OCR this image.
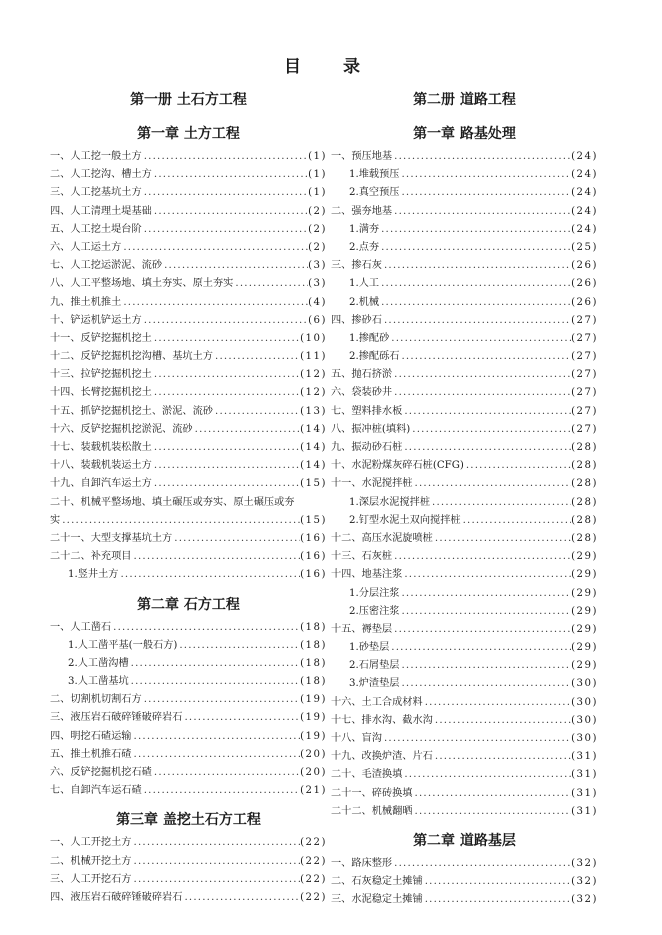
目 录
第一册 土石方工程
第一章 土方工程
一、人工挖一般土方 .....	(1)
二、人工挖沟、槽土方 .....	(1)
三、人工挖基坑土方 .....	(1)
四、人工清理土堤基础 .....	(2)
五、人工挖土堤台阶 .....	(2)
六、人工运土方 .....	(2)
七、人工挖运淤泥、流砂 .....	(3)
八、人工平整场地、填土夯实、原土夯实 .....	(3)
九、推土机推土 .....	(4)
十、铲运机铲运土方 .....	(6)
十一、反铲挖掘机挖土 .....	(10)
十二、反铲挖掘机挖沟槽、基坑土方 .....	(11)
十三、拉铲挖掘机挖土 .....	(12)
十四、长臂挖掘机挖土 .....	(12)
十五、抓铲挖掘机挖土、淤泥、流砂 .....	(13)
十六、反铲挖掘机挖淤泥、流砂 .....	(14)
十七、装载机装松散土 .....	(14)
十八、装载机装运土方 .....	(14)
十九、自卸汽车运土方 .....	(15)
二十、机械平整场地、填土碾压或夯实、原土碾压或夯
实 .....	(15)
二十一、大型支撑基坑土方 .....	(16)
二十二、补充项目 .....	(16)
1.竖井土方 .....	(16)
第二章 石方工程
一、人工凿石 .....	(18)
1.人工凿平基(一般石方) .....	(18)
2.人工凿沟槽 .....	(18)
3.人工凿基坑 .....	(18)
二、切割机切割石方 .....	(19)
三、液压岩石破碎锤破碎岩石 .....	(19)
四、明挖石碴运输 .....	(19)
五、推土机推石碴 .....	(20)
六、反铲挖掘机挖石碴 .....	(20)
七、自卸汽车运石碴 .....	(21)
第三章 盖挖土石方工程
一、人工开挖土方 .....	(22)
二、机械开挖土方 .....	(22)
三、人工开挖石方 .....	(22)
四、液压岩石破碎锤破碎岩石 .....	(22)
第二册 道路工程
第一章 路基处理
一、预压地基 .....	(24)
1.堆载预压 .....	(24)
2.真空预压 .....	(24)
二、强夯地基 .....	(24)
1.满夯 .....	(24)
2.点夯 .....	(25)
三、掺石灰 .....	(26)
1.人工 .....	(26)
2.机械 .....	(26)
四、掺砂石 .....	(27)
1.掺配砂 .....	(27)
2.掺配砾石 .....	(27)
五、抛石挤淤 .....	(27)
六、袋装砂井 .....	(27)
七、塑料排水板 .....	(27)
八、振冲桩(填料) .....	(27)
九、振动砂石桩 .....	(28)
十、水泥粉煤灰碎石桩(CFG) .....	(28)
十一、水泥搅拌桩 .....	(28)
1.深层水泥搅拌桩 .....	(28)
2.钉型水泥土双向搅拌桩 .....	(28)
十二、高压水泥旋喷桩 .....	(28)
十三、石灰桩 .....	(29)
十四、地基注浆 .....	(29)
1.分层注浆 .....	(29)
2.压密注浆 .....	(29)
十五、褥垫层 .....	(29)
1.砂垫层 .....	(29)
2.石屑垫层 .....	(29)
3.炉渣垫层 .....	(30)
十六、土工合成材料 .....	(30)
十七、排水沟、截水沟 .....	(30)
十八、盲沟 .....	(30)
十九、改换炉渣、片石 .....	(31)
二十、毛渣换填 .....	(31)
二十一、碎砖换填 .....	(31)
二十二、机械翻晒 .....	(31)
第二章 道路基层
一、路床整形 .....	(32)
二、石灰稳定土摊铺 .....	(32)
三、水泥稳定土摊铺 .....	(32)
